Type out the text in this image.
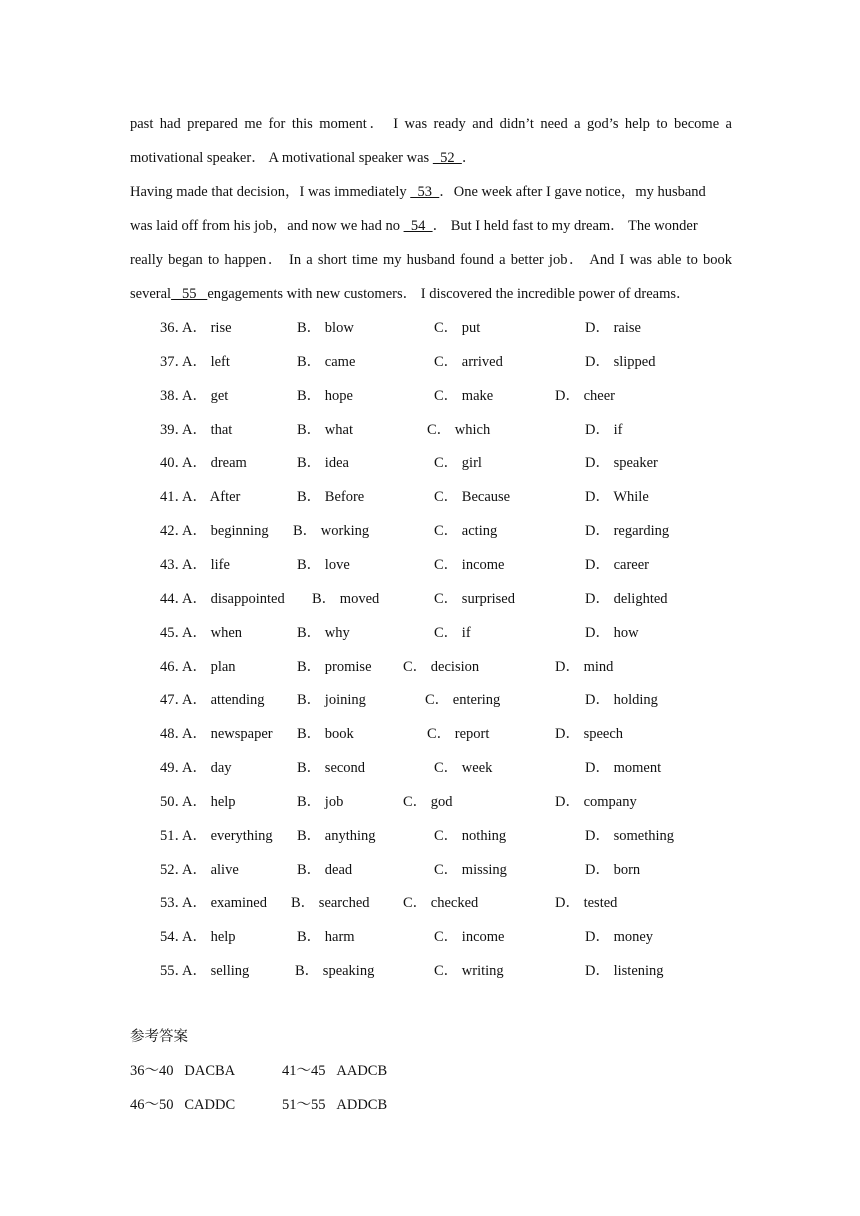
past had prepared me for this moment． I was ready and didn’t need a god’s help to become a
motivational speaker． A motivational speaker was   52  ．
Having made that decision，I was immediately   53  ．One week after I gave notice，my husband
was laid off from his job，and now we had no   54  ． But I held fast to my dream． The wonder
really began to happen． In a short time my husband found a better job． And I was able to book
several   55   engagements with new customers． I discovered the incredible power of dreams．
36．
A． rise	B． blow	C． put	D． raise
37．
A． left	B． came	C． arrived	D． slipped
38．
A． get	B． hope	C． make	D． cheer
39．
A． that	B． what	C． which	D． if
40．
A． dream	B． idea	C． girl	D． speaker
41．
A． After	B． Before	C． Because	D． While
42．
A． beginning B． working	C． acting	D． regarding
43．
A． life	B． love	C． income	D． career
44．
A． disappointed B． moved	C． surprised	D． delighted
45．
A． when	B． why	C． if	D． how
46．
A． plan	B． promise C． decision	D． mind
47．
A． attending B． joining	C． entering	D． holding
48．
A． newspaper B． book	C． report	D． speech
49．
A． day	B． second	C． week	D． moment
50．
A． help	B． job	C． god	D． company
51．
A． everything B． anything	C． nothing	D． something
52．
A． alive	B． dead	C． missing	D． born
53．
A． examined B． searched C． checked	D． tested
54．
A． help	B． harm	C． income	D． money
55．
A． selling	B． speaking	C． writing	D． listening
参考答案
36～40   DACBA	41～45   AADCB
46～50   CADDC	51～55   ADDCB
